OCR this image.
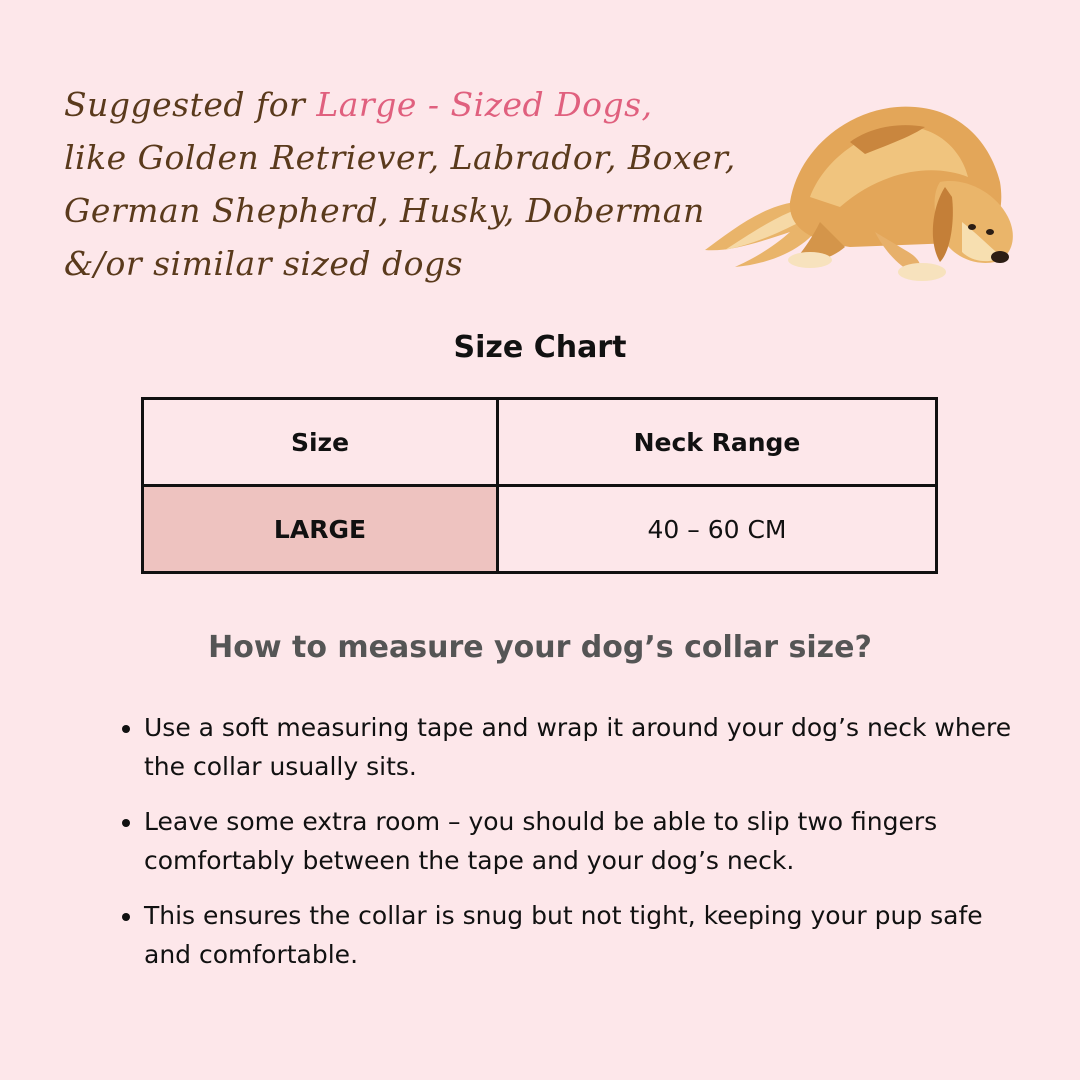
Suggested for Large - Sized Dogs,
like Golden Retriever, Labrador, Boxer,
German Shepherd, Husky, Doberman
&/or similar sized dogs
Size Chart
Size	Neck Range
LARGE	40 – 60 CM
How to measure your dog’s collar size?
• Use a soft measuring tape and wrap it around your dog’s neck where the collar usually sits.
• Leave some extra room – you should be able to slip two fingers comfortably between the tape and your dog’s neck.
• This ensures the collar is snug but not tight, keeping your pup safe and comfortable.
